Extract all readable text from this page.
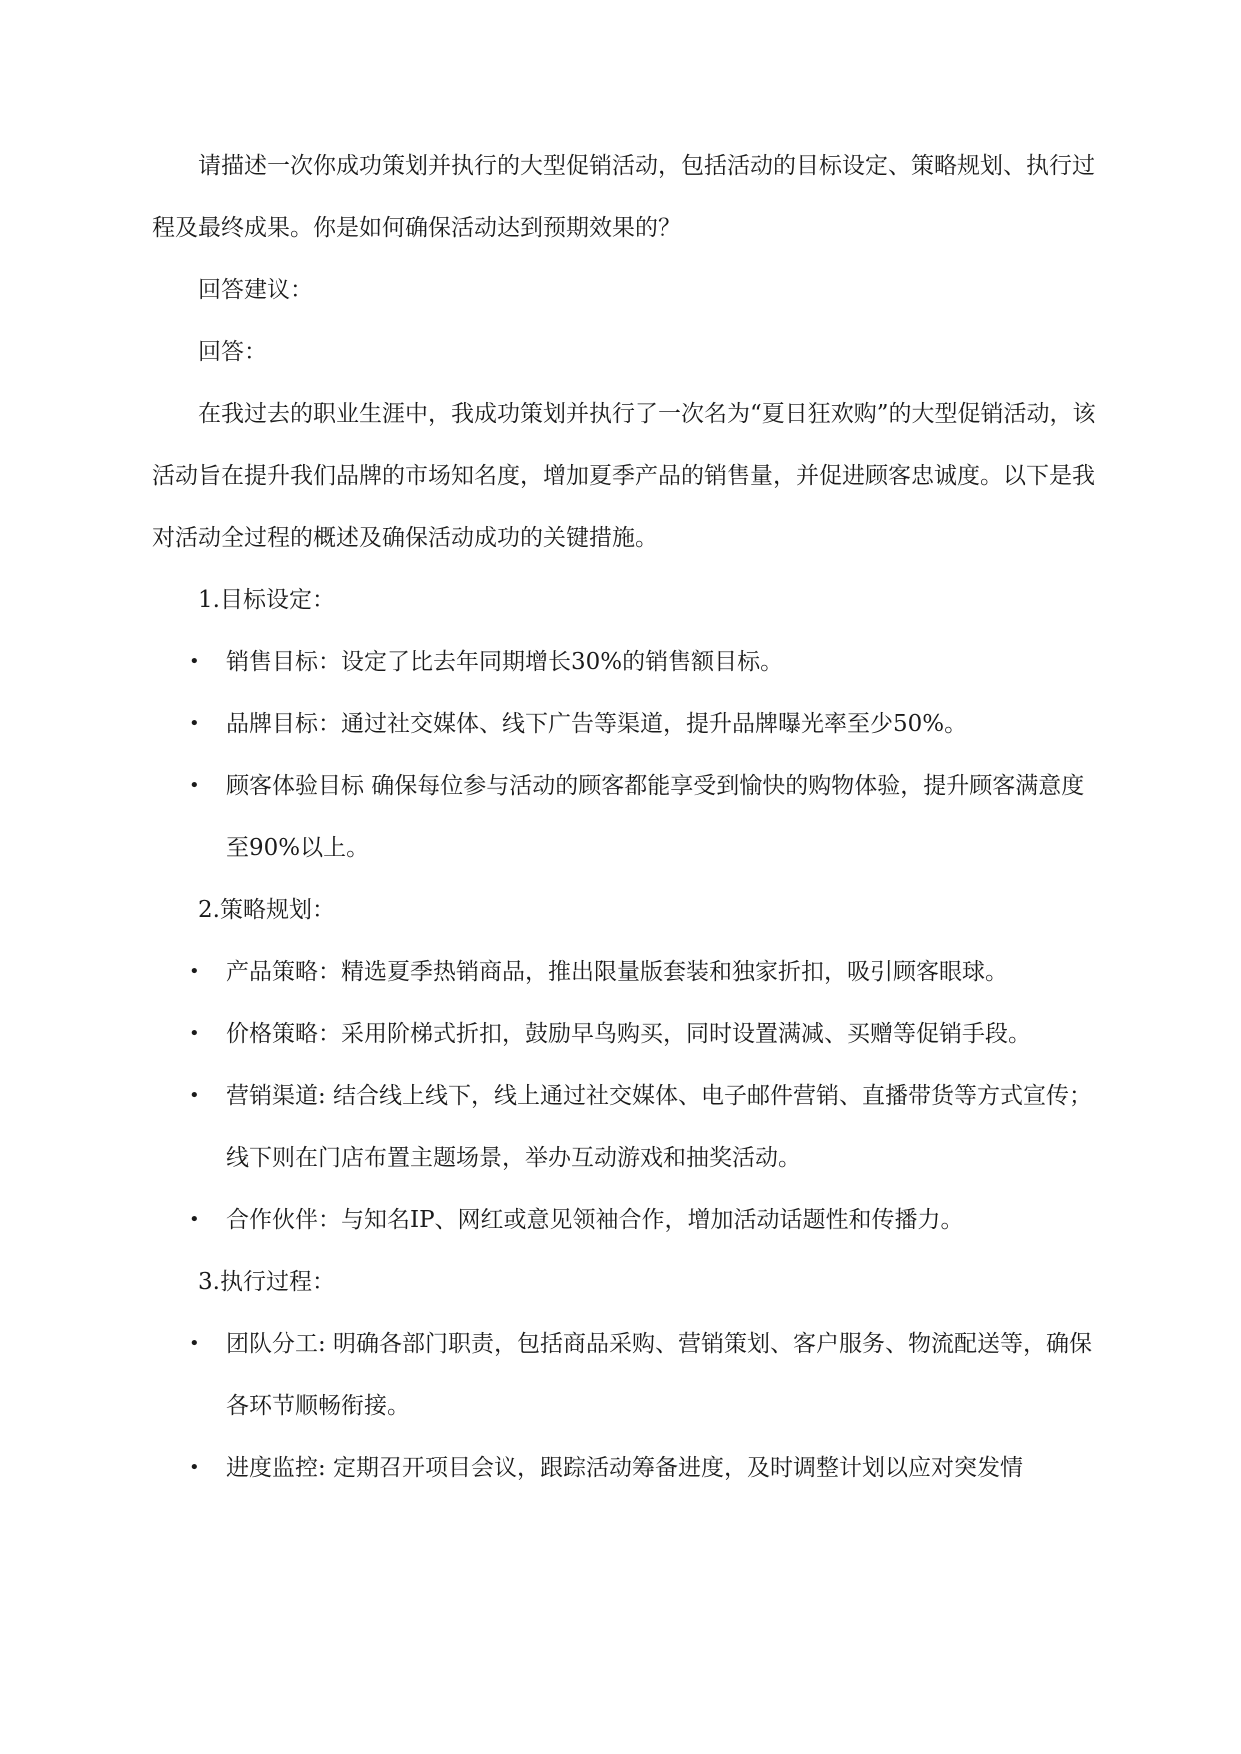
请描述一次你成功策划并执行的大型促销活动，包括活动的目标设定、策略规划、执行过程及最终成果。你是如何确保活动达到预期效果的？

回答建议：

回答：

在我过去的职业生涯中，我成功策划并执行了一次名为“夏日狂欢购”的大型促销活动，该活动旨在提升我们品牌的市场知名度，增加夏季产品的销售量，并促进顾客忠诚度。以下是我对活动全过程的概述及确保活动成功的关键措施。

1.目标设定：

• 销售目标：设定了比去年同期增长30%的销售额目标。
• 品牌目标：通过社交媒体、线下广告等渠道，提升品牌曝光率至少50%。
• 顾客体验目标 确保每位参与活动的顾客都能享受到愉快的购物体验，提升顾客满意度至90%以上。

2.策略规划：

• 产品策略：精选夏季热销商品，推出限量版套装和独家折扣，吸引顾客眼球。
• 价格策略：采用阶梯式折扣，鼓励早鸟购买，同时设置满减、买赠等促销手段。
• 营销渠道: 结合线上线下，线上通过社交媒体、电子邮件营销、直播带货等方式宣传；线下则在门店布置主题场景，举办互动游戏和抽奖活动。
• 合作伙伴：与知名IP、网红或意见领袖合作，增加活动话题性和传播力。

3.执行过程：

• 团队分工: 明确各部门职责，包括商品采购、营销策划、客户服务、物流配送等，确保各环节顺畅衔接。
• 进度监控: 定期召开项目会议，跟踪活动筹备进度，及时调整计划以应对突发情
